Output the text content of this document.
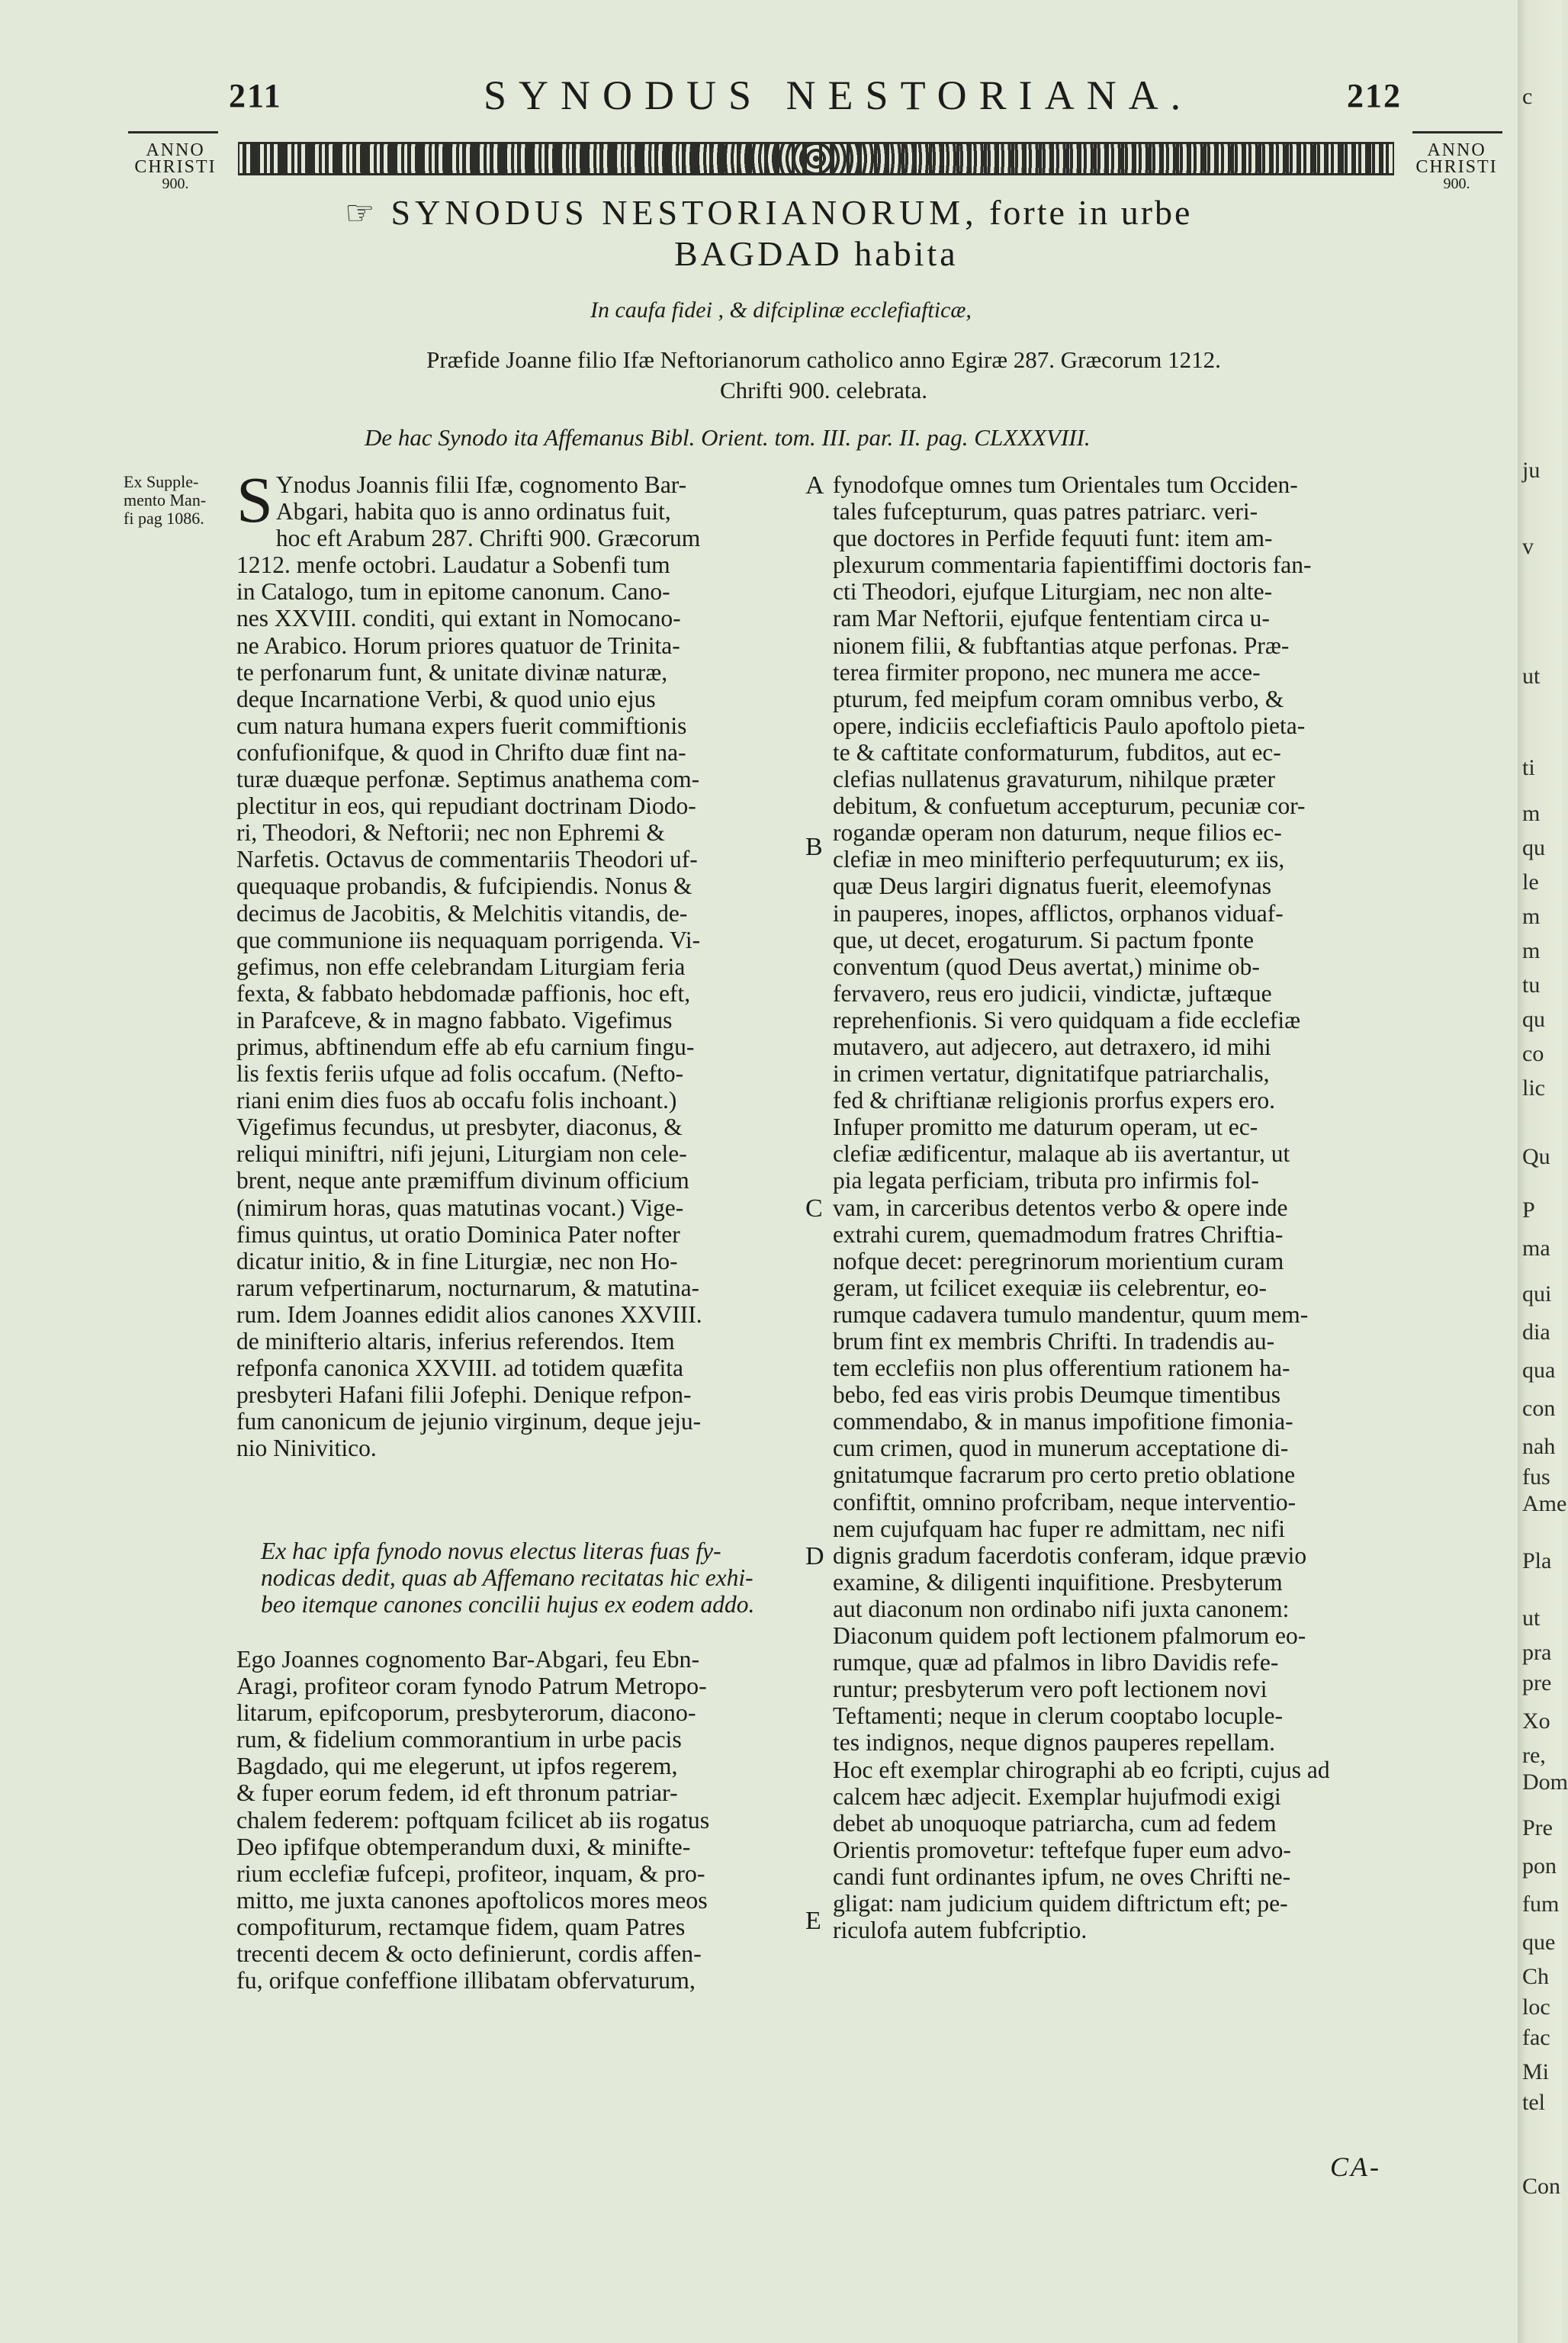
211	SYNODUS NESTORIANA.	212
ANNO
CHRISTI
900.
ANNO
CHRISTI
900.
☞ SYNODUS NESTORIANORUM, forte in urbe
BAGDAD habita
In caufa fidei , & difciplinæ ecclefiafticæ,
Præfide Joanne filio Ifæ Neftorianorum catholico anno Egiræ 287. Græcorum 1212.
Chrifti 900. celebrata.
De hac Synodo ita Affemanus Bibl. Orient. tom. III. par. II. pag. CLXXXVIII.
Ex Supple-
mento Man-
fi pag 1086.
A
B
C
D
E
S Ynodus Joannis filii Ifæ, cognomento Bar-
Abgari, habita quo is anno ordinatus fuit,
hoc eft Arabum 287. Chrifti 900. Græcorum
1212. menfe octobri. Laudatur a Sobenfi tum
in Catalogo, tum in epitome canonum. Cano-
nes XXVIII. conditi, qui extant in Nomocano-
ne Arabico. Horum priores quatuor de Trinita-
te perfonarum funt, & unitate divinæ naturæ,
deque Incarnatione Verbi, & quod unio ejus
cum natura humana expers fuerit commiftionis
confufionifque, & quod in Chrifto duæ fint na-
turæ duæque perfonæ. Septimus anathema com-
plectitur in eos, qui repudiant doctrinam Diodo-
ri, Theodori, & Neftorii; nec non Ephremi &
Narfetis. Octavus de commentariis Theodori uf-
quequaque probandis, & fufcipiendis. Nonus &
decimus de Jacobitis, & Melchitis vitandis, de-
que communione iis nequaquam porrigenda. Vi-
gefimus, non effe celebrandam Liturgiam feria
fexta, & fabbato hebdomadæ paffionis, hoc eft,
in Parafceve, & in magno fabbato. Vigefimus
primus, abftinendum effe ab efu carnium fingu-
lis fextis feriis ufque ad folis occafum. (Nefto-
riani enim dies fuos ab occafu folis inchoant.)
Vigefimus fecundus, ut presbyter, diaconus, &
reliqui miniftri, nifi jejuni, Liturgiam non cele-
brent, neque ante præmiffum divinum officium
(nimirum horas, quas matutinas vocant.) Vige-
fimus quintus, ut oratio Dominica Pater nofter
dicatur initio, & in fine Liturgiæ, nec non Ho-
rarum vefpertinarum, nocturnarum, & matutina-
rum. Idem Joannes edidit alios canones XXVIII.
de minifterio altaris, inferius referendos. Item
refponfa canonica XXVIII. ad totidem quæfita
presbyteri Hafani filii Jofephi. Denique refpon-
fum canonicum de jejunio virginum, deque jeju-
nio Ninivitico.
Ex hac ipfa fynodo novus electus literas fuas fy-
nodicas dedit, quas ab Affemano recitatas hic exhi-
beo itemque canones concilii hujus ex eodem addo.
Ego Joannes cognomento Bar-Abgari, feu Ebn-
Aragi, profiteor coram fynodo Patrum Metropo-
litarum, epifcoporum, presbyterorum, diacono-
rum, & fidelium commorantium in urbe pacis
Bagdado, qui me elegerunt, ut ipfos regerem,
& fuper eorum fedem, id eft thronum patriar-
chalem federem: poftquam fcilicet ab iis rogatus
Deo ipfifque obtemperandum duxi, & minifte-
rium ecclefiæ fufcepi, profiteor, inquam, & pro-
mitto, me juxta canones apoftolicos mores meos
compofiturum, rectamque fidem, quam Patres
trecenti decem & octo definierunt, cordis affen-
fu, orifque confeffione illibatam obfervaturum,
fynodofque omnes tum Orientales tum Occiden-
tales fufcepturum, quas patres patriarc. veri-
que doctores in Perfide fequuti funt: item am-
plexurum commentaria fapientiffimi doctoris fan-
cti Theodori, ejufque Liturgiam, nec non alte-
ram Mar Neftorii, ejufque fententiam circa u-
nionem filii, & fubftantias atque perfonas. Præ-
terea firmiter propono, nec munera me acce-
pturum, fed meipfum coram omnibus verbo, &
opere, indiciis ecclefiafticis Paulo apoftolo pieta-
te & caftitate conformaturum, fubditos, aut ec-
clefias nullatenus gravaturum, nihilque præter
debitum, & confuetum accepturum, pecuniæ cor-
rogandæ operam non daturum, neque filios ec-
clefiæ in meo minifterio perfequuturum; ex iis,
quæ Deus largiri dignatus fuerit, eleemofynas
in pauperes, inopes, afflictos, orphanos viduaf-
que, ut decet, erogaturum. Si pactum fponte
conventum (quod Deus avertat,) minime ob-
fervavero, reus ero judicii, vindictæ, juftæque
reprehenfionis. Si vero quidquam a fide ecclefiæ
mutavero, aut adjecero, aut detraxero, id mihi
in crimen vertatur, dignitatifque patriarchalis,
fed & chriftianæ religionis prorfus expers ero.
Infuper promitto me daturum operam, ut ec-
clefiæ ædificentur, malaque ab iis avertantur, ut
pia legata perficiam, tributa pro infirmis fol-
vam, in carceribus detentos verbo & opere inde
extrahi curem, quemadmodum fratres Chriftia-
nofque decet: peregrinorum morientium curam
geram, ut fcilicet exequiæ iis celebrentur, eo-
rumque cadavera tumulo mandentur, quum mem-
brum fint ex membris Chrifti. In tradendis au-
tem ecclefiis non plus offerentium rationem ha-
bebo, fed eas viris probis Deumque timentibus
commendabo, & in manus impofitione fimonia-
cum crimen, quod in munerum acceptatione di-
gnitatumque facrarum pro certo pretio oblatione
confiftit, omnino profcribam, neque interventio-
nem cujufquam hac fuper re admittam, nec nifi
dignis gradum facerdotis conferam, idque prævio
examine, & diligenti inquifitione. Presbyterum
aut diaconum non ordinabo nifi juxta canonem:
Diaconum quidem poft lectionem pfalmorum eo-
rumque, quæ ad pfalmos in libro Davidis refe-
runtur; presbyterum vero poft lectionem novi
Teftamenti; neque in clerum cooptabo locuple-
tes indignos, neque dignos pauperes repellam.
Hoc eft exemplar chirographi ab eo fcripti, cujus ad
calcem hæc adjecit. Exemplar hujufmodi exigi
debet ab unoquoque patriarcha, cum ad fedem
Orientis promovetur: teftefque fuper eum advo-
candi funt ordinantes ipfum, ne oves Chrifti ne-
gligat: nam judicium quidem diftrictum eft; pe-
riculofa autem fubfcriptio.
CA-
c
ju
v
ut
ti
m
qu
le
m
m
tu
qu
co
lic
Qu
P
ma
qui
dia
qua
con
nah
fus
Ame
Pla
ut
pra
pre
Xo
re,
Dom
Pre
pon
fum
que
Ch
loc
fac
Mi
tel
Con
